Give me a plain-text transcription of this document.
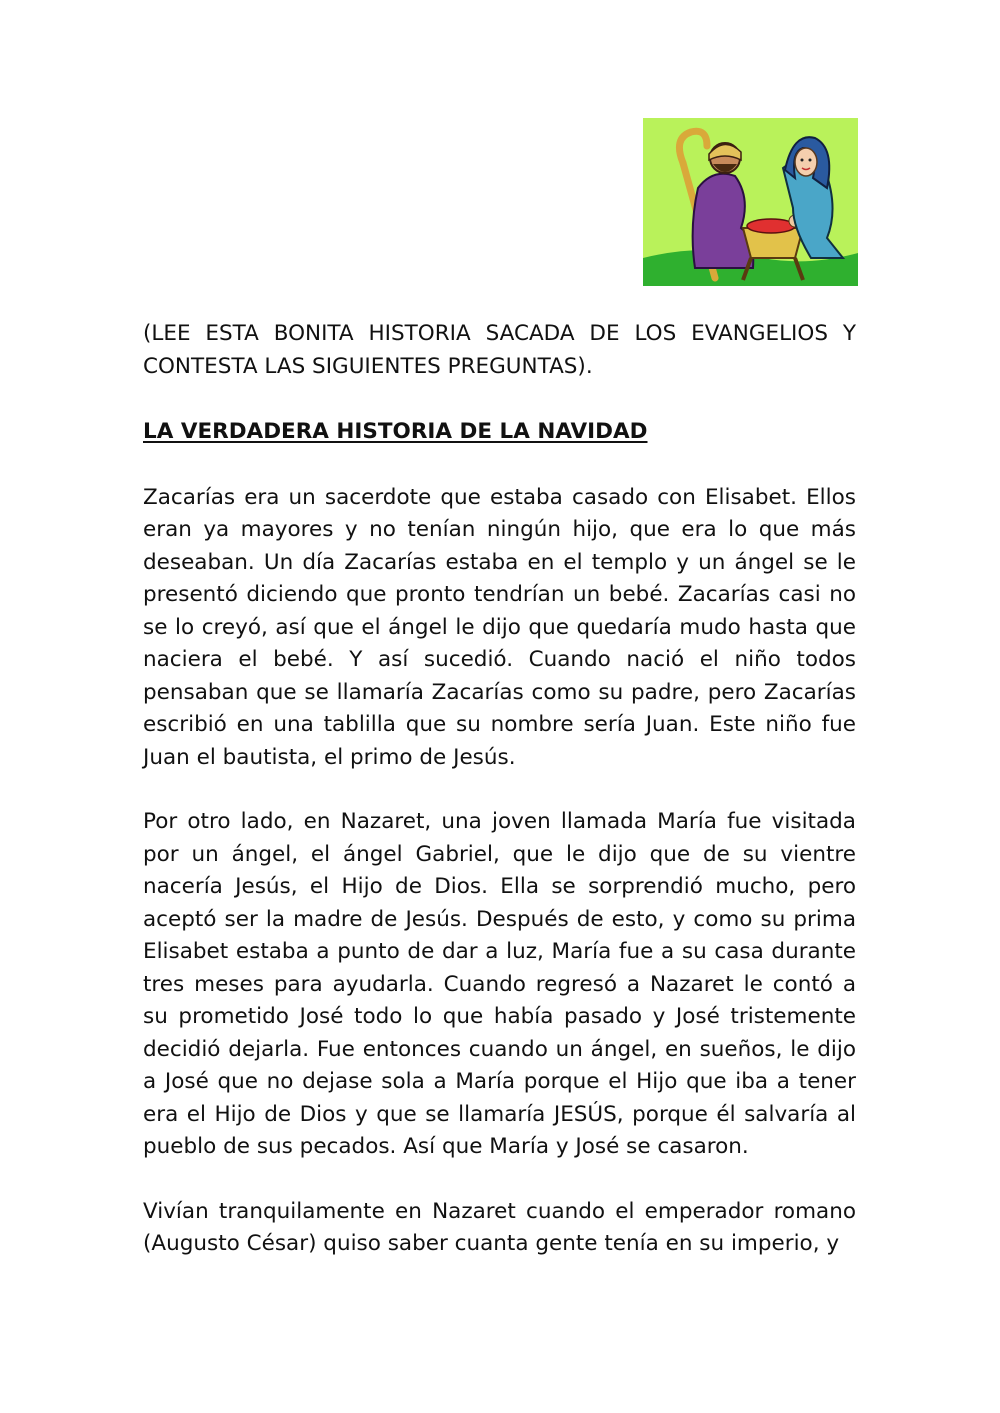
(LEE ESTA BONITA HISTORIA SACADA DE LOS EVANGELIOS Y CONTESTA LAS SIGUIENTES PREGUNTAS).

LA VERDADERA HISTORIA DE LA NAVIDAD

Zacarías era un sacerdote que estaba casado con Elisabet. Ellos eran ya mayores y no tenían ningún hijo, que era lo que más deseaban. Un día Zacarías estaba en el templo y un ángel se le presentó diciendo que pronto tendrían un bebé. Zacarías casi no se lo creyó, así que el ángel le dijo que quedaría mudo hasta que naciera el bebé. Y así sucedió. Cuando nació el niño todos pensaban que se llamaría Zacarías como su padre, pero Zacarías escribió en una tablilla que su nombre sería Juan. Este niño fue Juan el bautista, el primo de Jesús.

Por otro lado, en Nazaret, una joven llamada María fue visitada por un ángel, el ángel Gabriel, que le dijo que de su vientre nacería Jesús, el Hijo de Dios. Ella se sorprendió mucho, pero aceptó ser la madre de Jesús. Después de esto, y como su prima Elisabet estaba a punto de dar a luz, María fue a su casa durante tres meses para ayudarla. Cuando regresó a Nazaret le contó a su prometido José todo lo que había pasado y José tristemente decidió dejarla. Fue entonces cuando un ángel, en sueños, le dijo a José que no dejase sola a María porque el Hijo que iba a tener era el Hijo de Dios y que se llamaría JESÚS, porque él salvaría al pueblo de sus pecados. Así que María y José se casaron.

Vivían tranquilamente en Nazaret cuando el emperador romano (Augusto César) quiso saber cuanta gente tenía en su imperio, y
